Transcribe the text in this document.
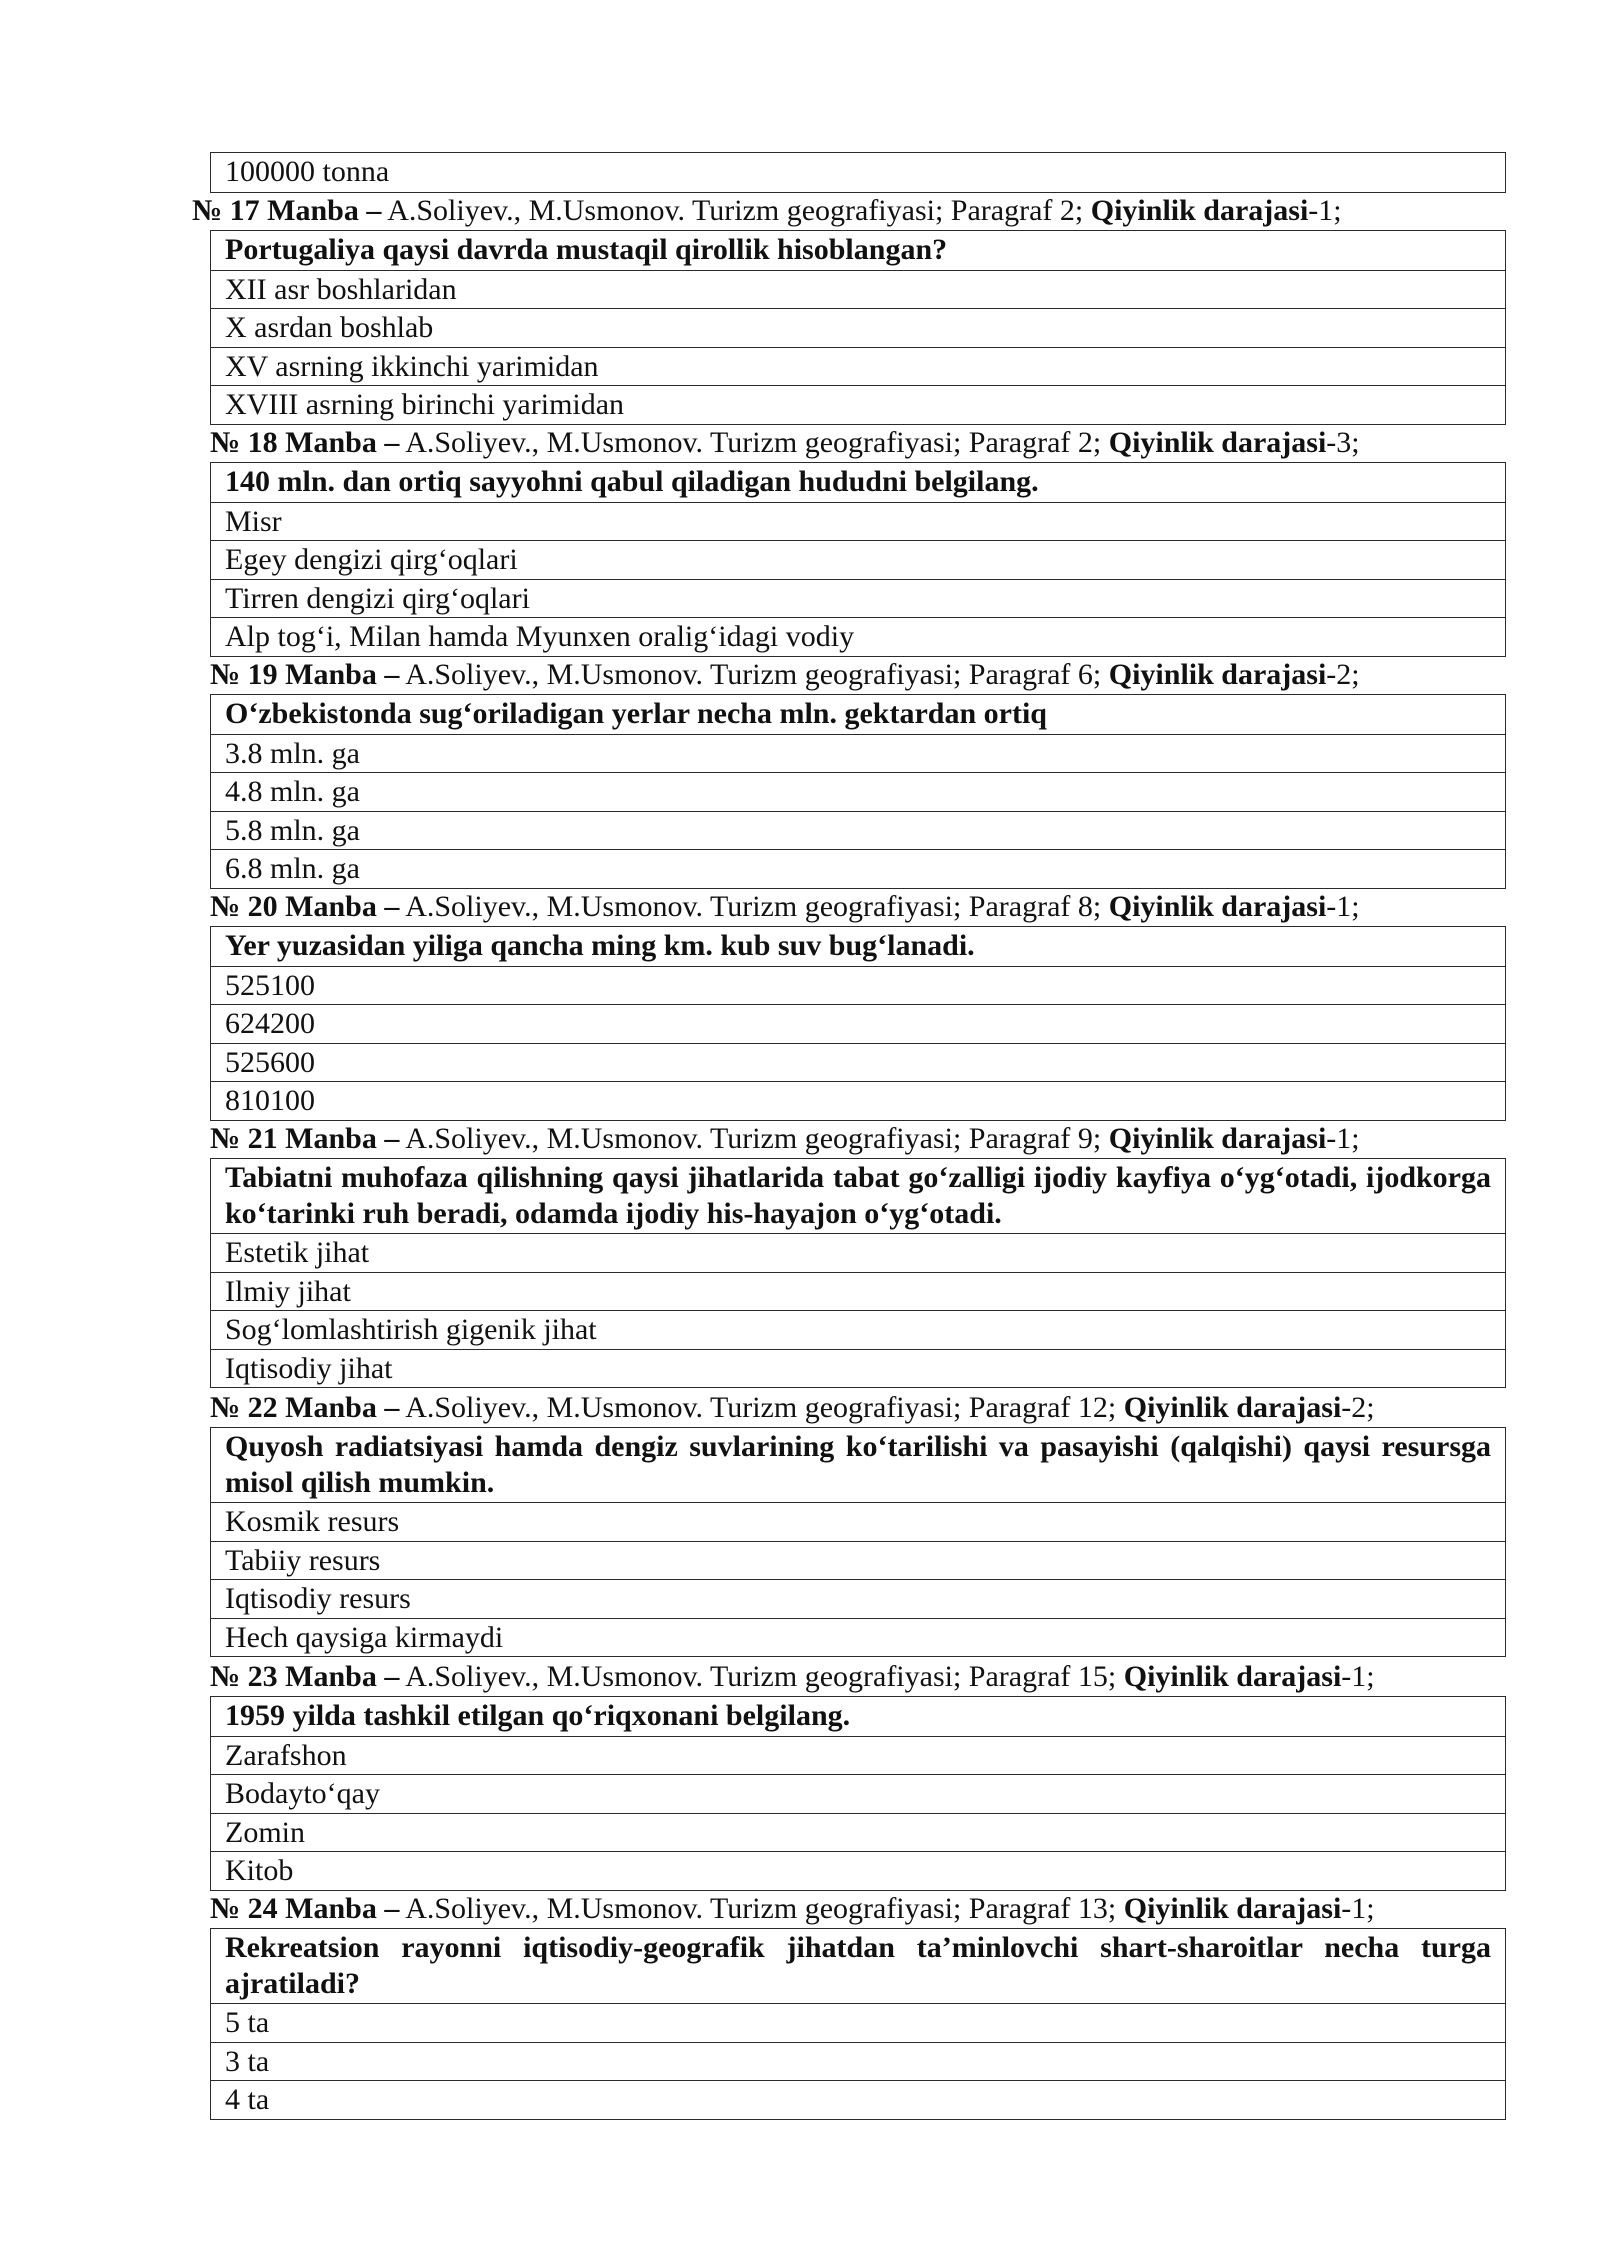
100000 tonna
№ 17 Manba – A.Soliyev., M.Usmonov. Turizm geografiyasi; Paragraf 2; Qiyinlik darajasi-1;
Portugaliya qaysi davrda mustaqil qirollik hisoblangan?
XII asr boshlaridan
X asrdan boshlab
XV asrning ikkinchi yarimidan
XVIII asrning birinchi yarimidan
№ 18 Manba – A.Soliyev., M.Usmonov. Turizm geografiyasi; Paragraf 2; Qiyinlik darajasi-3;
140 mln. dan ortiq sayyohni qabul qiladigan hududni belgilang.
Misr
Egey dengizi qirg‘oqlari
Tirren dengizi qirg‘oqlari
Alp tog‘i, Milan hamda Myunxen oralig‘idagi vodiy
№ 19 Manba – A.Soliyev., M.Usmonov. Turizm geografiyasi; Paragraf 6; Qiyinlik darajasi-2;
O‘zbekistonda sug‘oriladigan yerlar necha mln. gektardan ortiq
3.8 mln. ga
4.8 mln. ga
5.8 mln. ga
6.8 mln. ga
№ 20 Manba – A.Soliyev., M.Usmonov. Turizm geografiyasi; Paragraf 8; Qiyinlik darajasi-1;
Yer yuzasidan yiliga qancha ming km. kub suv bug‘lanadi.
525100
624200
525600
810100
№ 21 Manba – A.Soliyev., M.Usmonov. Turizm geografiyasi; Paragraf 9; Qiyinlik darajasi-1;
Tabiatni muhofaza qilishning qaysi jihatlarida tabat go‘zalligi ijodiy kayfiya o‘yg‘otadi, ijodkorga ko‘tarinki ruh beradi, odamda ijodiy his-hayajon o‘yg‘otadi.
Estetik jihat
Ilmiy jihat
Sog‘lomlashtirish gigenik jihat
Iqtisodiy jihat
№ 22 Manba – A.Soliyev., M.Usmonov. Turizm geografiyasi; Paragraf 12; Qiyinlik darajasi-2;
Quyosh radiatsiyasi hamda dengiz suvlarining ko‘tarilishi va pasayishi (qalqishi) qaysi resursga misol qilish mumkin.
Kosmik resurs
Tabiiy resurs
Iqtisodiy resurs
Hech qaysiga kirmaydi
№ 23 Manba – A.Soliyev., M.Usmonov. Turizm geografiyasi; Paragraf 15; Qiyinlik darajasi-1;
1959 yilda tashkil etilgan qo‘riqxonani belgilang.
Zarafshon
Bodayto‘qay
Zomin
Kitob
№ 24 Manba – A.Soliyev., M.Usmonov. Turizm geografiyasi; Paragraf 13; Qiyinlik darajasi-1;
Rekreatsion rayonni iqtisodiy-geografik jihatdan ta’minlovchi shart-sharoitlar necha turga ajratiladi?
5 ta
3 ta
4 ta
